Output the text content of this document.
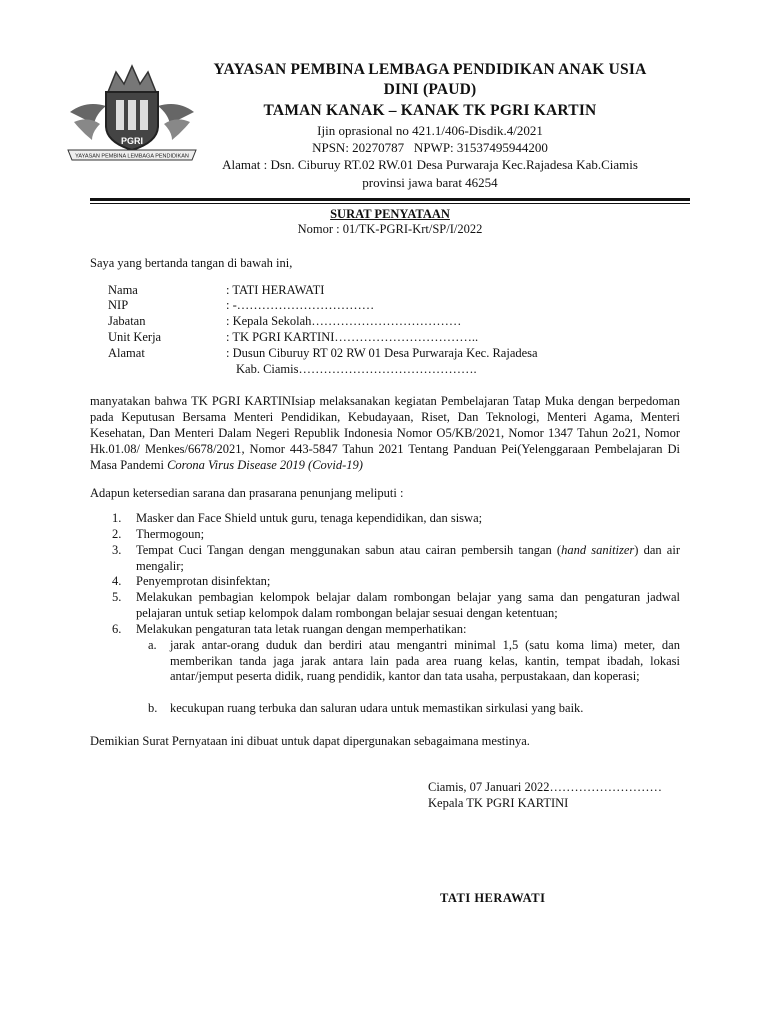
PGRI
YAYASAN PEMBINA LEMBAGA PENDIDIKAN
YAYASAN PEMBINA LEMBAGA PENDIDIKAN ANAK USIA
DINI (PAUD)
TAMAN KANAK – KANAK TK PGRI KARTIN
Ijin oprasional no 421.1/406-Disdik.4/2021
NPSN: 20270787   NPWP: 31537495944200
Alamat : Dsn. Ciburuy RT.02 RW.01 Desa Purwaraja Kec.Rajadesa Kab.Ciamis
provinsi jawa barat 46254
SURAT PENYATAAN
Nomor : 01/TK-PGRI-Krt/SP/I/2022
Saya yang bertanda tangan di bawah ini,
Nama	: TATI HERAWATI
NIP	: -……………………………
Jabatan	: Kepala Sekolah………………………………
Unit Kerja	: TK PGRI KARTINI……………………………..
Alamat	: Dusun Ciburuy RT 02 RW 01 Desa Purwaraja Kec. Rajadesa
Kab. Ciamis…………………………………….
manyatakan bahwa TK PGRI KARTINIsiap melaksanakan kegiatan Pembelajaran Tatap Muka dengan berpedoman pada Keputusan Bersama Menteri Pendidikan, Kebudayaan, Riset, Dan Teknologi, Menteri Agama, Menteri Kesehatan, Dan Menteri Dalam Negeri Republik Indonesia Nomor O5/KB/2021, Nomor 1347 Tahun 2o21, Nomor Hk.01.08/ Menkes/6678/2021, Nomor 443-5847 Tahun 2021 Tentang Panduan Pei(Yelenggaraan Pembelajaran Di Masa Pandemi Corona Virus Disease 2019 (Covid-19)
Adapun ketersedian sarana dan prasarana penunjang meliputi :
1. Masker dan Face Shield untuk guru, tenaga kependidikan, dan siswa;
2. Thermogoun;
3. Tempat Cuci Tangan dengan menggunakan sabun atau cairan pembersih tangan (hand sanitizer) dan air mengalir;
4. Penyemprotan disinfektan;
5. Melakukan pembagian kelompok belajar dalam rombongan belajar yang sama dan pengaturan jadwal pelajaran untuk setiap kelompok dalam rombongan belajar sesuai dengan ketentuan;
6. Melakukan pengaturan tata letak ruangan dengan memperhatikan:
a. jarak antar-orang duduk dan berdiri atau mengantri minimal 1,5 (satu koma lima) meter, dan memberikan tanda jaga jarak antara lain pada area ruang kelas, kantin, tempat ibadah, lokasi antar/jemput peserta didik, ruang pendidik, kantor dan tata usaha, perpustakaan, dan koperasi;
b. kecukupan ruang terbuka dan saluran udara untuk memastikan sirkulasi yang baik.
Demikian Surat Pernyataan ini dibuat untuk dapat dipergunakan sebagaimana mestinya.
Ciamis, 07 Januari 2022………………………
Kepala TK PGRI KARTINI
TATI HERAWATI
